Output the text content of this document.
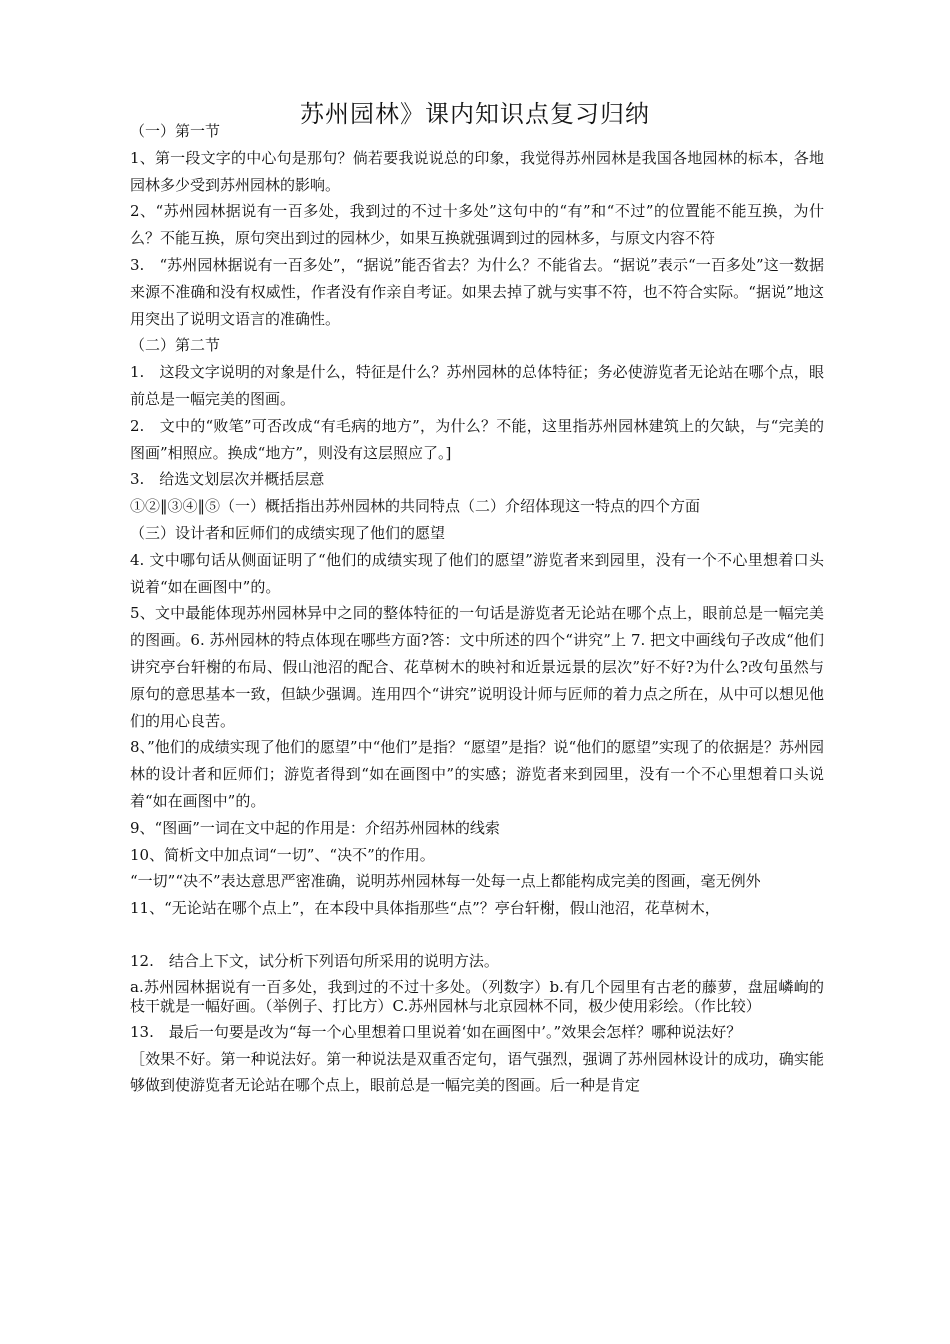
苏州园林》课内知识点复习归纳

（一）第一节

1、第一段文字的中心句是那句？倘若要我说说总的印象，我觉得苏州园林是我国各地园林的标本，各地园林多少受到苏州园林的影响。

2、“苏州园林据说有一百多处，我到过的不过十多处”这句中的“有”和“不过”的位置能不能互换，为什么？不能互换，原句突出到过的园林少，如果互换就强调到过的园林多，与原文内容不符

3.　“苏州园林据说有一百多处”，“据说”能否省去？为什么？不能省去。“据说”表示“一百多处”这一数据来源不准确和没有权威性，作者没有作亲自考证。如果去掉了就与实事不符，也不符合实际。“据说”地这用突出了说明文语言的准确性。

（二）第二节

1.　这段文字说明的对象是什么，特征是什么？苏州园林的总体特征；务必使游览者无论站在哪个点，眼前总是一幅完美的图画。

2.　文中的“败笔”可否改成“有毛病的地方”，为什么？不能，这里指苏州园林建筑上的欠缺，与“完美的图画”相照应。换成“地方”，则没有这层照应了。]

3.　给选文划层次并概括层意

①②‖③④‖⑤（一）概括指出苏州园林的共同特点（二）介绍体现这一特点的四个方面

（三）设计者和匠师们的成绩实现了他们的愿望

4. 文中哪句话从侧面证明了“他们的成绩实现了他们的愿望”游览者来到园里，没有一个不心里想着口头说着“如在画图中”的。

5、文中最能体现苏州园林异中之同的整体特征的一句话是游览者无论站在哪个点上，眼前总是一幅完美的图画。6. 苏州园林的特点体现在哪些方面?答：文中所述的四个“讲究”上 7. 把文中画线句子改成“他们讲究亭台轩榭的布局、假山池沼的配合、花草树木的映衬和近景远景的层次”好不好?为什么?改句虽然与原句的意思基本一致，但缺少强调。连用四个“讲究”说明设计师与匠师的着力点之所在，从中可以想见他们的用心良苦。

8、”他们的成绩实现了他们的愿望”中“他们”是指？“愿望”是指？说“他们的愿望”实现了的依据是？苏州园林的设计者和匠师们；游览者得到“如在画图中”的实感；游览者来到园里，没有一个不心里想着口头说着“如在画图中”的。

9、“图画”一词在文中起的作用是：介绍苏州园林的线索

10、简析文中加点词“一切”、“决不”的作用。

“一切”“决不”表达意思严密准确，说明苏州园林每一处每一点上都能构成完美的图画，毫无例外

11、“无论站在哪个点上”，在本段中具体指那些“点”？亭台轩榭，假山池沼，花草树木，

12.　结合上下文，试分析下列语句所采用的说明方法。

a.苏州园林据说有一百多处，我到过的不过十多处。（列数字）b.有几个园里有古老的藤萝，盘屈嶙峋的枝干就是一幅好画。（举例子、打比方）C.苏州园林与北京园林不同，极少使用彩绘。（作比较）

13.　最后一句要是改为“每一个心里想着口里说着‘如在画图中’。”效果会怎样？哪种说法好？

［效果不好。第一种说法好。第一种说法是双重否定句，语气强烈，强调了苏州园林设计的成功，确实能够做到使游览者无论站在哪个点上，眼前总是一幅完美的图画。后一种是肯定
